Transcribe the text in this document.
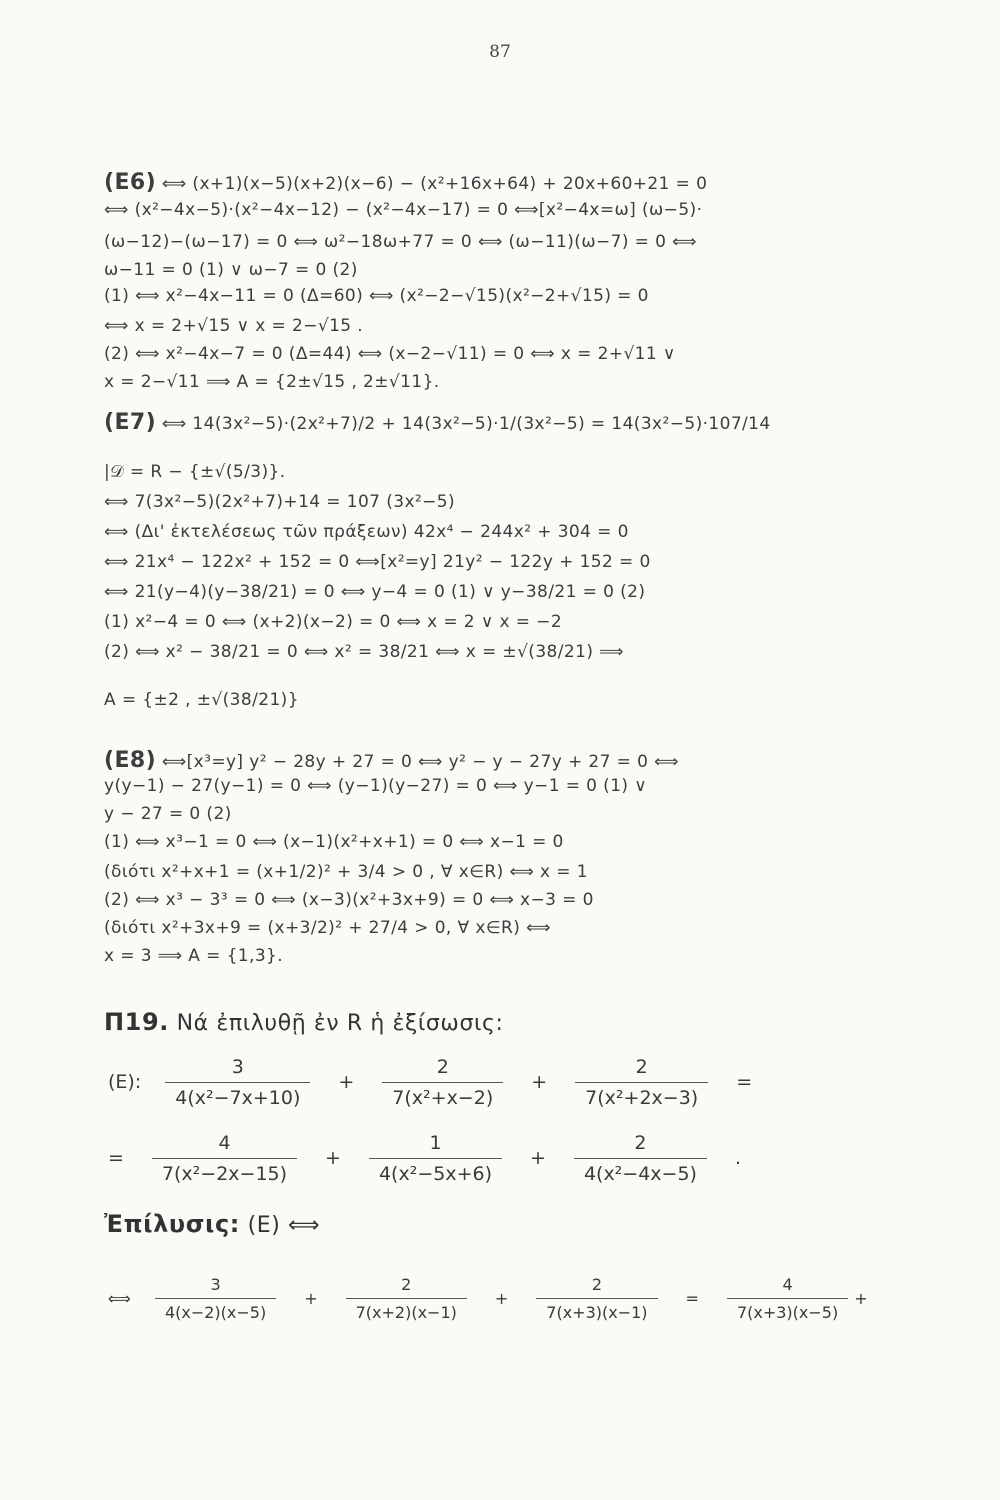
87
(E6) ⟺ (x+1)(x−5)(x+2)(x−6) − (x²+16x+64) + 20x+60+21 = 0
⟺ (x²−4x−5)·(x²−4x−12) − (x²−4x−17) = 0 ⟺[x²−4x=ω] (ω−5)·
(ω−12)−(ω−17) = 0 ⟺ ω²−18ω+77 = 0 ⟺ (ω−11)(ω−7) = 0 ⟺
ω−11 = 0 (1) ∨ ω−7 = 0 (2)
(1) ⟺ x²−4x−11 = 0 (Δ=60) ⟺ (x²−2−√15)(x²−2+√15) = 0
⟺ x = 2+√15 ∨ x = 2−√15 .
(2) ⟺ x²−4x−7 = 0 (Δ=44) ⟺ (x−2−√11) = 0 ⟺ x = 2+√11 ∨
x = 2−√11 ⟹ A = {2±√15 , 2±√11}.
(E7) ⟺ 14(3x²−5)·(2x²+7)/2 + 14(3x²−5)·1/(3x²−5) = 14(3x²−5)·107/14
|𝒟 = R − {±√(5/3)}.
⟺ 7(3x²−5)(2x²+7)+14 = 107 (3x²−5)
⟺ (Δι' ἐκτελέσεως τῶν πράξεων) 42x⁴ − 244x² + 304 = 0
⟺ 21x⁴ − 122x² + 152 = 0 ⟺[x²=y] 21y² − 122y + 152 = 0
⟺ 21(y−4)(y−38/21) = 0 ⟺ y−4 = 0 (1) ∨ y−38/21 = 0 (2)
(1) x²−4 = 0 ⟺ (x+2)(x−2) = 0 ⟺ x = 2 ∨ x = −2
(2) ⟺ x² − 38/21 = 0 ⟺ x² = 38/21 ⟺ x = ±√(38/21) ⟹
A = {±2 , ±√(38/21)}
(E8) ⟺[x³=y] y² − 28y + 27 = 0 ⟺ y² − y − 27y + 27 = 0 ⟺
y(y−1) − 27(y−1) = 0 ⟺ (y−1)(y−27) = 0 ⟺ y−1 = 0 (1) ∨
y − 27 = 0 (2)
(1) ⟺ x³−1 = 0 ⟺ (x−1)(x²+x+1) = 0 ⟺ x−1 = 0
(διότι x²+x+1 = (x+1/2)² + 3/4 > 0 , ∀ x∈R) ⟺ x = 1
(2) ⟺ x³ − 3³ = 0 ⟺ (x−3)(x²+3x+9) = 0 ⟺ x−3 = 0
(διότι x²+3x+9 = (x+3/2)² + 27/4 > 0, ∀ x∈R) ⟺
x = 3 ⟹ A = {1,3}.
Π19. Νά ἐπιλυθῇ ἐν R ἡ ἐξίσωσις:
(E): $\frac{3}{\text{4(x²−7x+10)}} + \frac{2}{\text{7(x²+x−2)}} + \frac{2}{\text{7(x²+2x−3)}}$ =
= $\frac{4}{\text{7(x²−2x−15)}} + \frac{1}{\text{4(x²−5x+6)}} + \frac{2}{\text{4(x²−4x−5)}}$ .
Ἐπίλυσις: (E) ⟺
⟺ $\frac{3}{4(x-2)(x-5)} + \frac{2}{7(x+2)(x-1)} + \frac{2}{7(x+3)(x-1)} = \frac{4}{7(x+3)(x-5)}$ +
